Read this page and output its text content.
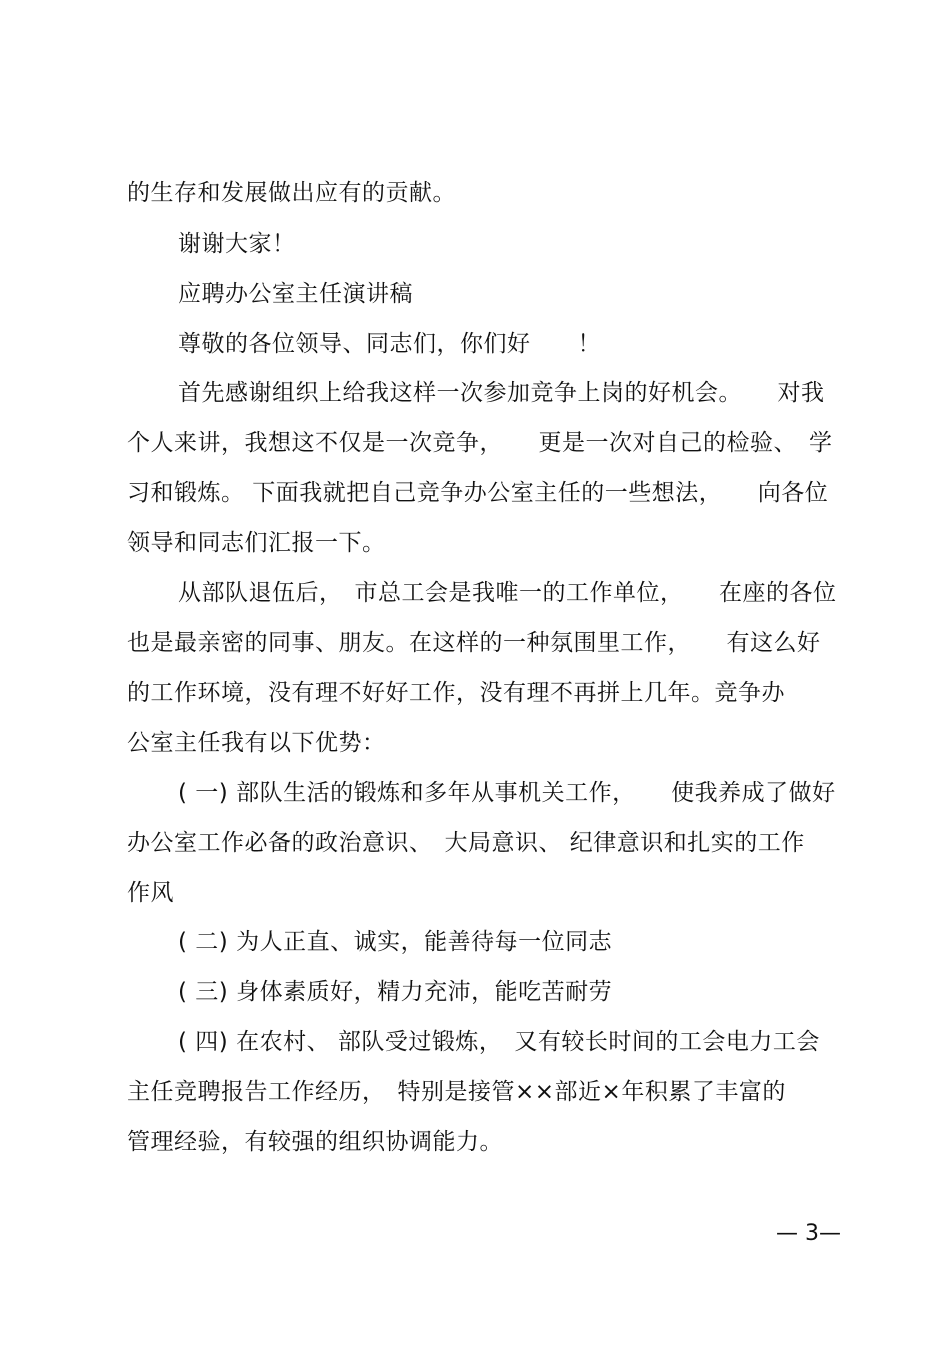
的生存和发展做出应有的贡献。
谢谢大家！
应聘办公室主任演讲稿
尊敬的各位领导、同志们，你们好　　！
首先感谢组织上给我这样一次参加竞争上岗的好机会。　　对我
个人来讲，我想这不仅是一次竞争，　　更是一次对自己的检验、　学
习和锻炼。 下面我就把自己竞争办公室主任的一些想法，　　向各位
领导和同志们汇报一下。
从部队退伍后，　市总工会是我唯一的工作单位，　　在座的各位
也是最亲密的同事、朋友。在这样的一种氛围里工作，　　有这么好
的工作环境，没有理不好好工作，没有理不再拼上几年。竞争办
公室主任我有以下优势：
( 一) 部队生活的锻炼和多年从事机关工作，　　使我养成了做好
办公室工作必备的政治意识、　大局意识、 纪律意识和扎实的工作
作风
( 二) 为人正直、诚实，能善待每一位同志
( 三) 身体素质好，精力充沛，能吃苦耐劳
( 四) 在农村、 部队受过锻炼，　又有较长时间的工会电力工会
主任竞聘报告工作经历，　特别是接管××部近×年积累了丰富的
管理经验，有较强的组织协调能力。
— 3—
